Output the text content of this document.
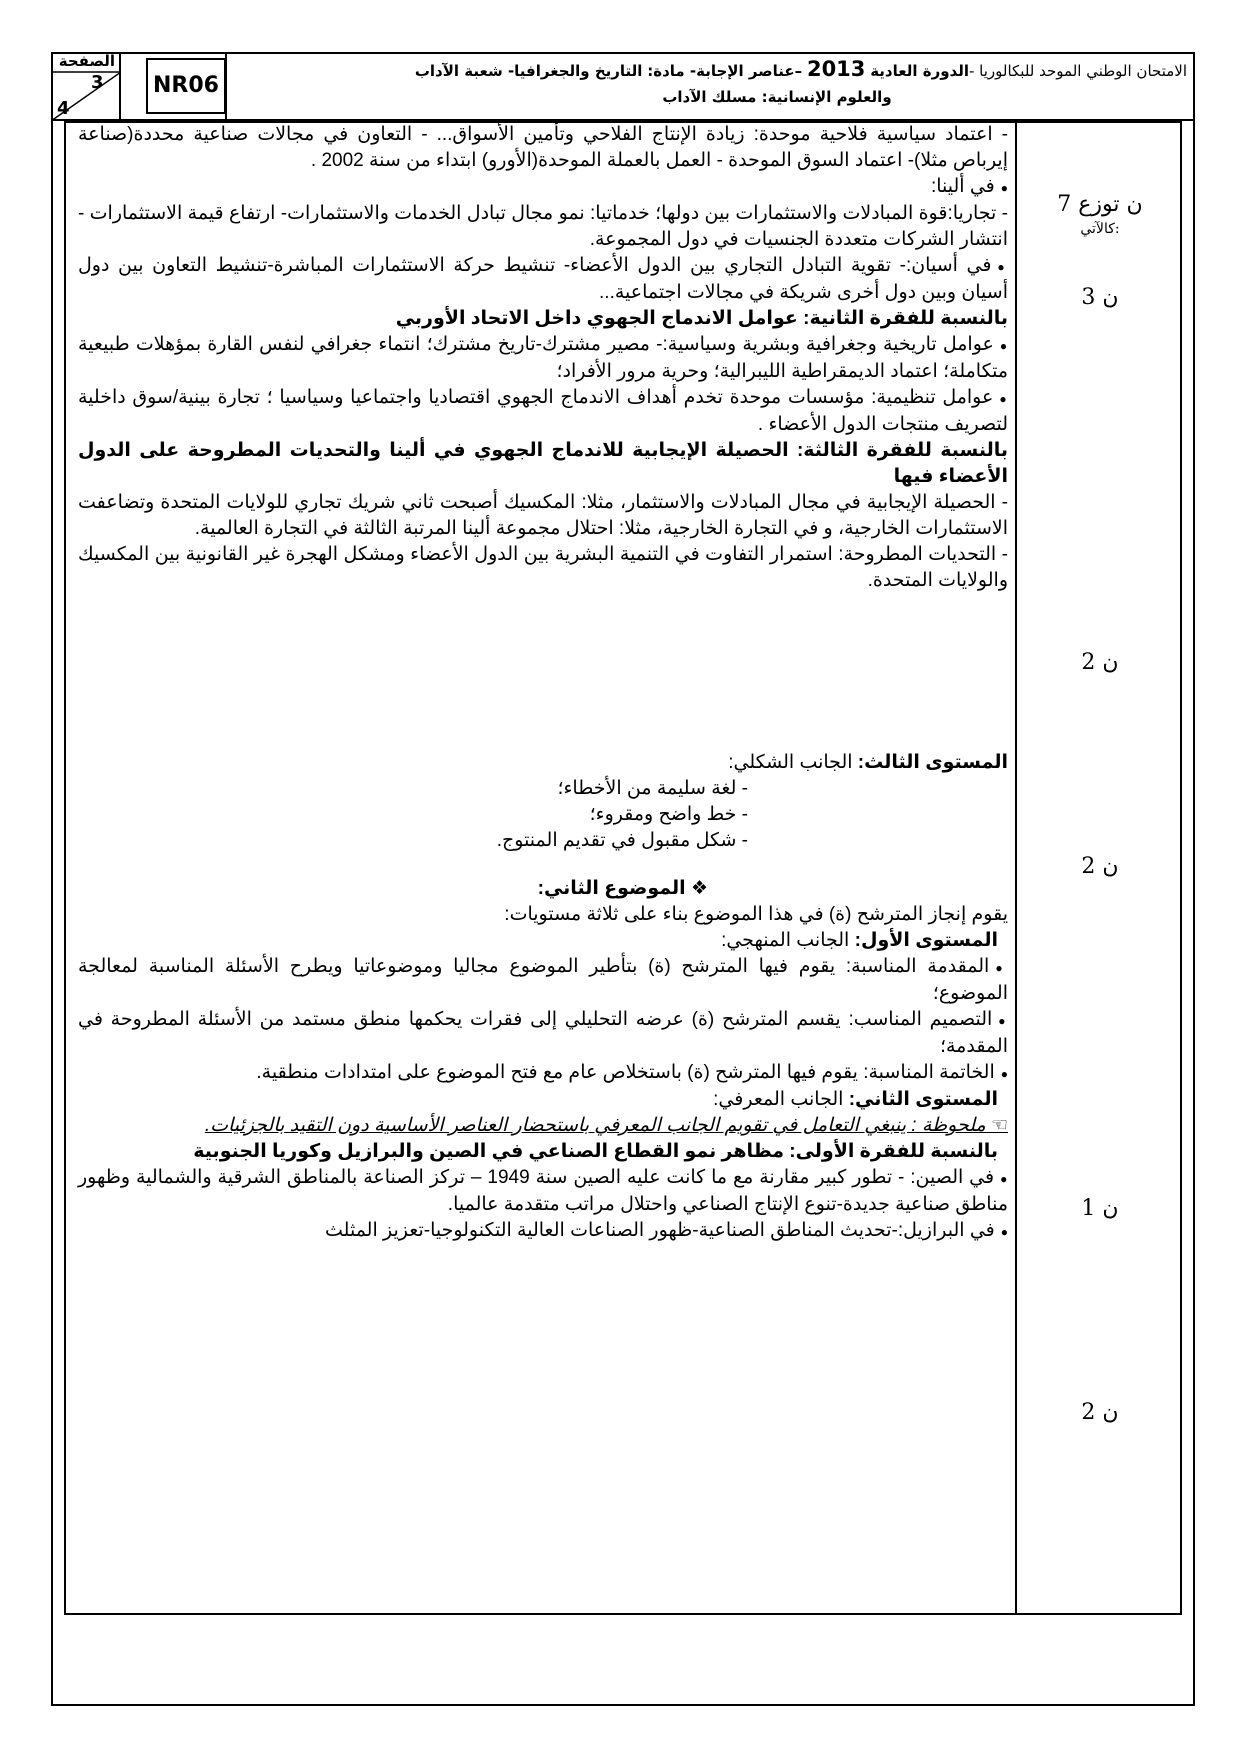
الصفحة
3
4
NR06
الامتحان الوطني الموحد للبكالوريا -الدورة العادية 2013 –عناصر الإجابة- مادة: التاريخ والجغرافيا- شعبة الآداب
والعلوم الإنسانية: مسلك الآداب
7 ن توزع
كالآتي:
3 ن
2 ن
2 ن
1 ن
2 ن

- اعتماد سياسية فلاحية موحدة: زيادة الإنتاج الفلاحي وتأمين الأسواق... - التعاون في مجالات صناعية محددة(صناعة إيرباص مثلا)- اعتماد السوق الموحدة - العمل بالعملة الموحدة(الأورو) ابتداء من سنة 2002 .

● في ألينا:

- تجاريا:قوة المبادلات والاستثمارات بين دولها؛ خدماتيا: نمو مجال تبادل الخدمات والاستثمارات- ارتفاع قيمة الاستثمارات - انتشار الشركات متعددة الجنسيات في دول المجموعة.

● في أسيان:- تقوية التبادل التجاري بين الدول الأعضاء- تنشيط حركة الاستثمارات المباشرة-تنشيط التعاون بين دول أسيان وبين دول أخرى شريكة في مجالات اجتماعية...

بالنسبة للفقرة الثانية: عوامل الاندماج الجهوي داخل الاتحاد الأوربي

● عوامل تاريخية وجغرافية وبشرية وسياسية:- مصير مشترك-تاريخ مشترك؛ انتماء جغرافي لنفس القارة بمؤهلات طبيعية متكاملة؛ اعتماد الديمقراطية الليبرالية؛ وحرية مرور الأفراد؛

● عوامل تنظيمية: مؤسسات موحدة تخدم أهداف الاندماج الجهوي اقتصاديا واجتماعيا وسياسيا ؛ تجارة بينية/سوق داخلية لتصريف منتجات الدول الأعضاء .

بالنسبة للفقرة الثالثة: الحصيلة الإيجابية للاندماج الجهوي في ألينا والتحديات المطروحة على الدول الأعضاء فيها

- الحصيلة الإيجابية في مجال المبادلات والاستثمار، مثلا: المكسيك أصبحت ثاني شريك تجاري للولايات المتحدة وتضاعفت الاستثمارات الخارجية، و في التجارة الخارجية، مثلا: احتلال مجموعة ألينا المرتبة الثالثة في التجارة العالمية.

- التحديات المطروحة: استمرار التفاوت في التنمية البشرية بين الدول الأعضاء ومشكل الهجرة غير القانونية بين المكسيك والولايات المتحدة.

المستوى الثالث: الجانب الشكلي:

- لغة سليمة من الأخطاء؛

- خط واضح ومقروء؛

- شكل مقبول في تقديم المنتوج.

❖ الموضوع الثاني:

يقوم إنجاز المترشح (ة) في هذا الموضوع بناء على ثلاثة مستويات:

المستوى الأول: الجانب المنهجي:

● المقدمة المناسبة: يقوم فيها المترشح (ة) بتأطير الموضوع مجاليا وموضوعاتيا ويطرح الأسئلة المناسبة لمعالجة الموضوع؛

● التصميم المناسب: يقسم المترشح (ة) عرضه التحليلي إلى فقرات يحكمها منطق مستمد من الأسئلة المطروحة في المقدمة؛

● الخاتمة المناسبة: يقوم فيها المترشح (ة) باستخلاص عام مع فتح الموضوع على امتدادات منطقية.

المستوى الثاني: الجانب المعرفي:

☜ ملحوظة : ينبغي التعامل في تقويم الجانب المعرفي باستحضار العناصر الأساسية دون التقيد بالجزئيات.

بالنسبة للفقرة الأولى: مظاهر نمو القطاع الصناعي في الصين والبرازيل وكوريا الجنوبية

● في الصين: - تطور كبير مقارنة مع ما كانت عليه الصين سنة 1949 – تركز الصناعة بالمناطق الشرقية والشمالية وظهور مناطق صناعية جديدة-تنوع الإنتاج الصناعي واحتلال مراتب متقدمة عالميا.

● في البرازيل:-تحديث المناطق الصناعية-ظهور الصناعات العالية التكنولوجيا-تعزيز المثلث
